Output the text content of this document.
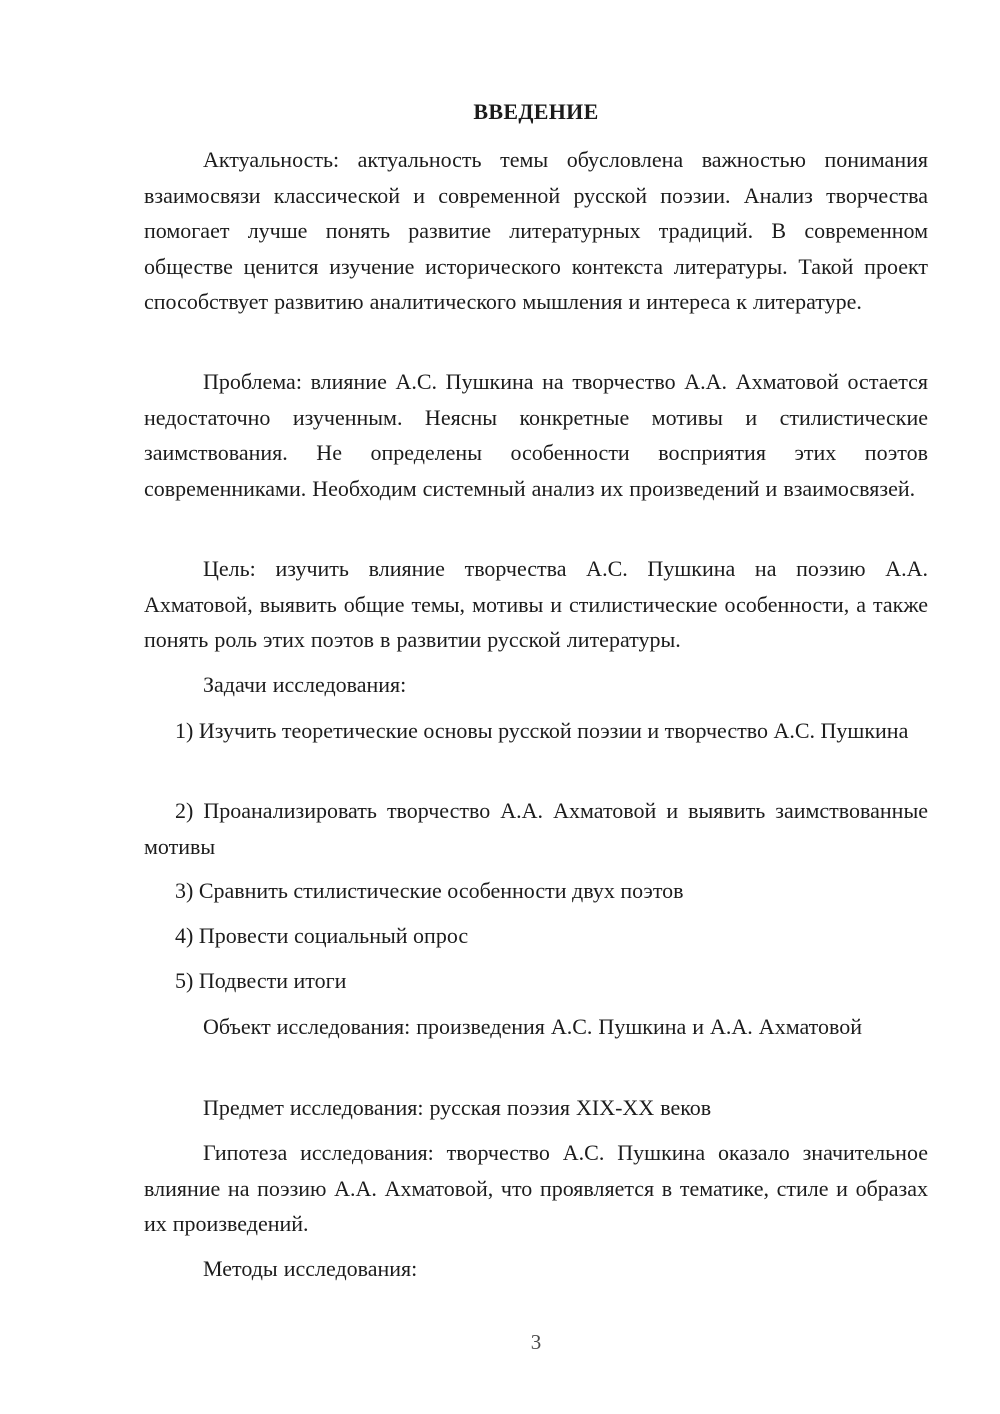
ВВЕДЕНИЕ

Актуальность: актуальность темы обусловлена важностью понимания взаимосвязи классической и современной русской поэзии. Анализ творчества помогает лучше понять развитие литературных традиций. В современном обществе ценится изучение исторического контекста литературы. Такой проект способствует развитию аналитического мышления и интереса к литературе.

Проблема: влияние А.С. Пушкина на творчество А.А. Ахматовой остается недостаточно изученным. Неясны конкретные мотивы и стилистические заимствования. Не определены особенности восприятия этих поэтов современниками. Необходим системный анализ их произведений и взаимосвязей.

Цель: изучить влияние творчества А.С. Пушкина на поэзию А.А. Ахматовой, выявить общие темы, мотивы и стилистические особенности, а также понять роль этих поэтов в развитии русской литературы.

Задачи исследования:

1) Изучить теоретические основы русской поэзии и творчество А.С. Пушкина

2) Проанализировать творчество А.А. Ахматовой и выявить заимствованные мотивы

3) Сравнить стилистические особенности двух поэтов

4) Провести социальный опрос

5) Подвести итоги

Объект исследования: произведения А.С. Пушкина и А.А. Ахматовой

Предмет исследования: русская поэзия XIX-XX веков

Гипотеза исследования: творчество А.С. Пушкина оказало значительное влияние на поэзию А.А. Ахматовой, что проявляется в тематике, стиле и образах их произведений.

Методы исследования:

3
